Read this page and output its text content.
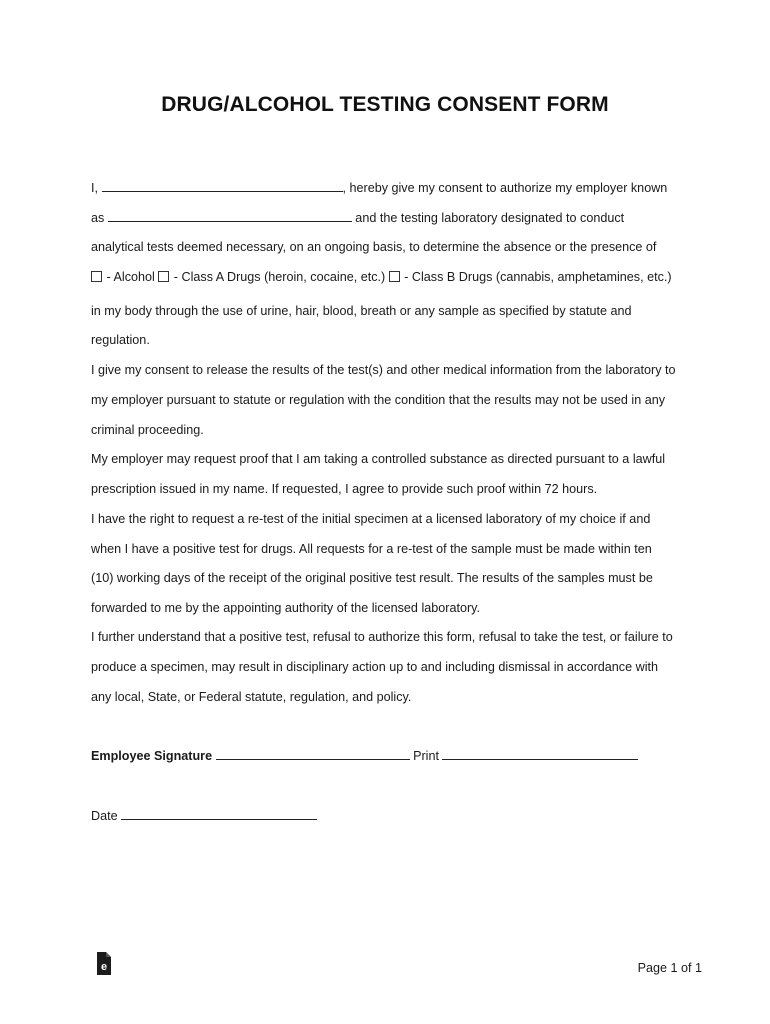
DRUG/ALCOHOL TESTING CONSENT FORM
I,	, hereby give my consent to authorize my employer known
as	and the testing laboratory designated to conduct
analytical tests deemed necessary, on an ongoing basis, to determine the absence or the presence of
- Alcohol  - Class A Drugs (heroin, cocaine, etc.)  - Class B Drugs (cannabis, amphetamines, etc.)
in my body through the use of urine, hair, blood, breath or any sample as specified by statute and
regulation.
I give my consent to release the results of the test(s) and other medical information from the laboratory to
my employer pursuant to statute or regulation with the condition that the results may not be used in any
criminal proceeding.
My employer may request proof that I am taking a controlled substance as directed pursuant to a lawful
prescription issued in my name. If requested, I agree to provide such proof within 72 hours.
I have the right to request a re-test of the initial specimen at a licensed laboratory of my choice if and
when I have a positive test for drugs. All requests for a re-test of the sample must be made within ten
(10) working days of the receipt of the original positive test result. The results of the samples must be
forwarded to me by the appointing authority of the licensed laboratory.
I further understand that a positive test, refusal to authorize this form, refusal to take the test, or failure to
produce a specimen, may result in disciplinary action up to and including dismissal in accordance with
any local, State, or Federal statute, regulation, and policy.
Employee Signature	Print
Date
e	Page 1 of 1
